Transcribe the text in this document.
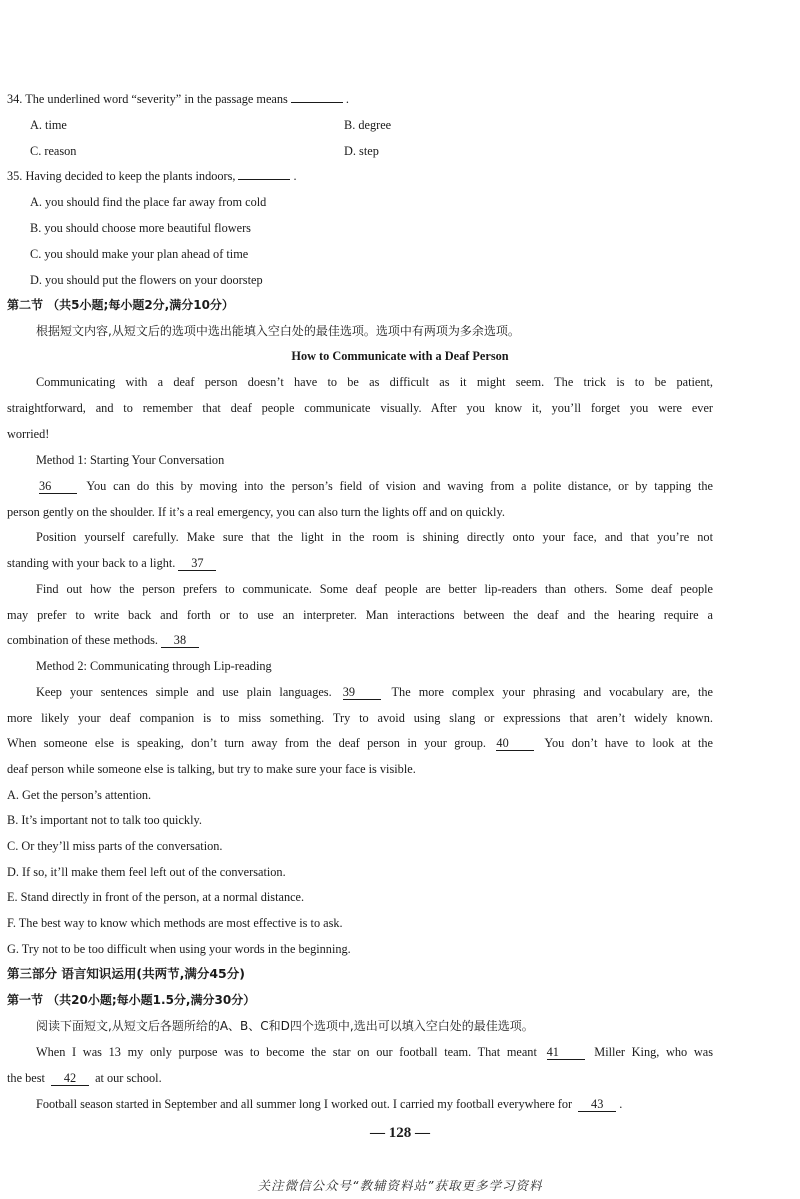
34. The underlined word “severity” in the passage means	.
A. time	B. degree
C. reason	D. step
35. Having decided to keep the plants indoors,	.
A. you should find the place far away from cold
B. you should choose more beautiful flowers
C. you should make your plan ahead of time
D. you should put the flowers on your doorstep
第二节 （共5小题;每小题2分,满分10分）
根据短文内容,从短文后的选项中选出能填入空白处的最佳选项。选项中有两项为多余选项。
How to Communicate with a Deaf Person
Communicating with a deaf person doesn’t have to be as difficult as it might seem. The trick is to be patient,
straightforward, and to remember that deaf people communicate visually. After you know it, you’ll forget you were ever
worried!
Method 1: Starting Your Conversation
36	You can do this by moving into the person’s field of vision and waving from a polite distance, or by tapping the
person gently on the shoulder. If it’s a real emergency, you can also turn the lights off and on quickly.
Position yourself carefully. Make sure that the light in the room is shining directly onto your face, and that you’re not
standing with your back to a light. 37
Find out how the person prefers to communicate. Some deaf people are better lip-readers than others. Some deaf people
may prefer to write back and forth or to use an interpreter. Man interactions between the deaf and the hearing require a
combination of these methods. 38
Method 2: Communicating through Lip-reading
Keep your sentences simple and use plain languages. 39	The more complex your phrasing and vocabulary are, the
more likely your deaf companion is to miss something. Try to avoid using slang or expressions that aren’t widely known.
When someone else is speaking, don’t turn away from the deaf person in your group. 40	You don’t have to look at the
deaf person while someone else is talking, but try to make sure your face is visible.
A. Get the person’s attention.
B. It’s important not to talk too quickly.
C. Or they’ll miss parts of the conversation.
D. If so, it’ll make them feel left out of the conversation.
E. Stand directly in front of the person, at a normal distance.
F. The best way to know which methods are most effective is to ask.
G. Try not to be too difficult when using your words in the beginning.
第三部分 语言知识运用(共两节,满分45分)
第一节 （共20小题;每小题1.5分,满分30分）
阅读下面短文,从短文后各题所给的A、B、C和D四个选项中,选出可以填入空白处的最佳选项。
When I was 13 my only purpose was to become the star on our football team. That meant 41	Miller King, who was
the best 42 at our school.
Football season started in September and all summer long I worked out. I carried my football everywhere for 43 .
— 128 —
关注微信公众号“教辅资料站”获取更多学习资料
